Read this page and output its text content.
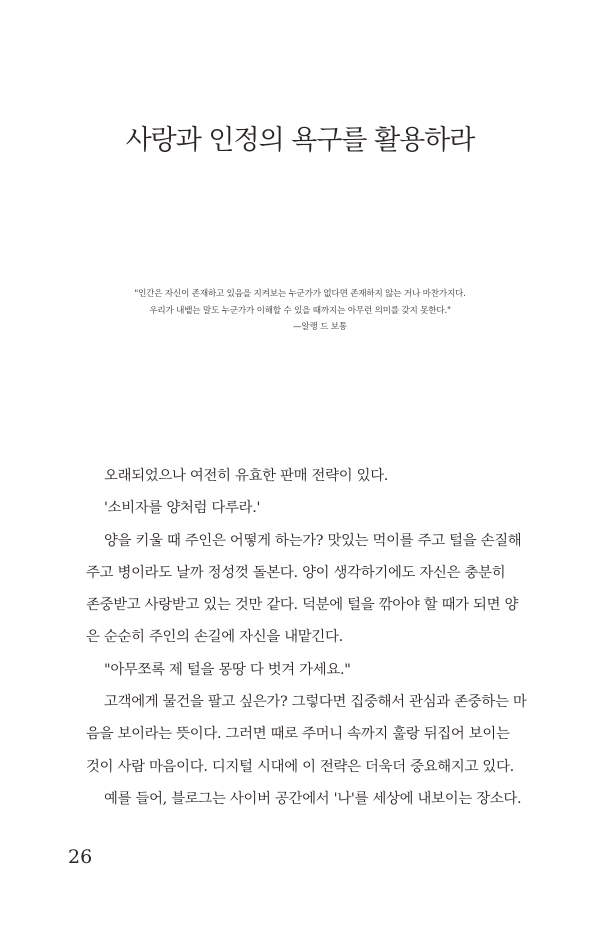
사랑과 인정의 욕구를 활용하라
"인간은 자신이 존재하고 있음을 지켜보는 누군가가 없다면 존재하지 않는 거나 마찬가지다.
우리가 내뱉는 말도 누군가가 이해할 수 있을 때까지는 아무런 의미를 갖지 못한다."
—알랭 드 보통

오래되었으나 여전히 유효한 판매 전략이 있다.

'소비자를 양처럼 다루라.'

양을 키울 때 주인은 어떻게 하는가? 맛있는 먹이를 주고 털을 손질해

주고 병이라도 날까 정성껏 돌본다. 양이 생각하기에도 자신은 충분히

존중받고 사랑받고 있는 것만 같다. 덕분에 털을 깎아야 할 때가 되면 양

은 순순히 주인의 손길에 자신을 내맡긴다.

"아무쪼록 제 털을 몽땅 다 벗겨 가세요."

고객에게 물건을 팔고 싶은가? 그렇다면 집중해서 관심과 존중하는 마

음을 보이라는 뜻이다. 그러면 때로 주머니 속까지 훌랑 뒤집어 보이는

것이 사람 마음이다. 디지털 시대에 이 전략은 더욱더 중요해지고 있다.

예를 들어, 블로그는 사이버 공간에서 '나'를 세상에 내보이는 장소다.

26
